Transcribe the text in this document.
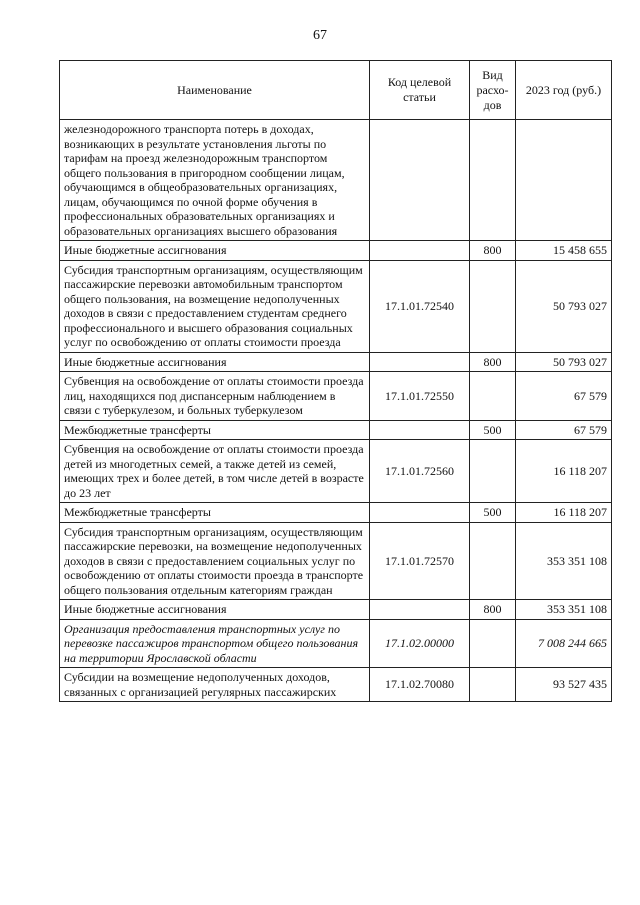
67
Наименование	Код целевой статьи	Вид расхо-дов	2023 год (руб.)
железнодорожного транспорта потерь в доходах, возникающих в результате установления льготы по тарифам на проезд железнодорожным транспортом общего пользования в пригородном сообщении лицам, обучающимся в общеобразовательных организациях, лицам, обучающимся по очной форме обучения в профессиональных образовательных организациях и образовательных организациях высшего образования			
Иные бюджетные ассигнования		800	15 458 655
Субсидия транспортным организациям, осуществляющим пассажирские перевозки автомобильным транспортом общего пользования, на возмещение недополученных доходов в связи с предоставлением студентам среднего профессионального и высшего образования социальных услуг по освобождению от оплаты стоимости проезда	17.1.01.72540		50 793 027
Иные бюджетные ассигнования		800	50 793 027
Субвенция на освобождение от оплаты стоимости проезда лиц, находящихся под диспансерным наблюдением в связи с туберкулезом, и больных туберкулезом	17.1.01.72550		67 579
Межбюджетные трансферты		500	67 579
Субвенция на освобождение от оплаты стоимости проезда детей из многодетных семей, а также детей из семей, имеющих трех и более детей, в том числе детей в возрасте до 23 лет	17.1.01.72560		16 118 207
Межбюджетные трансферты		500	16 118 207
Субсидия транспортным организациям, осуществляющим пассажирские перевозки, на возмещение недополученных доходов в связи с предоставлением социальных услуг по освобождению от оплаты стоимости проезда в транспорте общего пользования отдельным категориям граждан	17.1.01.72570		353 351 108
Иные бюджетные ассигнования		800	353 351 108
Организация предоставления транспортных услуг по перевозке пассажиров транспортом общего пользования на территории Ярославской области	17.1.02.00000		7 008 244 665
Субсидии на возмещение недополученных доходов, связанных с организацией регулярных пассажирских	17.1.02.70080		93 527 435
